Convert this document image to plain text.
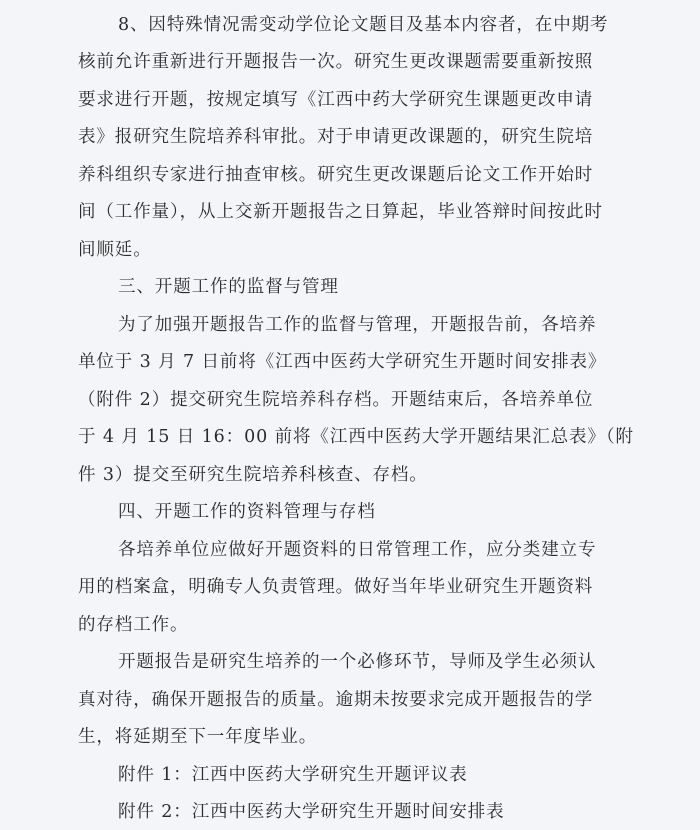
8、因特殊情况需变动学位论文题目及基本内容者，在中期考
核前允许重新进行开题报告一次。研究生更改课题需要重新按照
要求进行开题，按规定填写《江西中药大学研究生课题更改申请
表》报研究生院培养科审批。对于申请更改课题的，研究生院培
养科组织专家进行抽查审核。研究生更改课题后论文工作开始时
间（工作量），从上交新开题报告之日算起，毕业答辩时间按此时
间顺延。
三、开题工作的监督与管理
为了加强开题报告工作的监督与管理，开题报告前，各培养
单位于 3 月 7 日前将《江西中医药大学研究生开题时间安排表》
（附件 2）提交研究生院培养科存档。开题结束后，各培养单位
于 4 月 15 日 16：00 前将《江西中医药大学开题结果汇总表》（附
件 3）提交至研究生院培养科核查、存档。
四、开题工作的资料管理与存档
各培养单位应做好开题资料的日常管理工作，应分类建立专
用的档案盒，明确专人负责管理。做好当年毕业研究生开题资料
的存档工作。
开题报告是研究生培养的一个必修环节，导师及学生必须认
真对待，确保开题报告的质量。逾期未按要求完成开题报告的学
生，将延期至下一年度毕业。
附件 1：江西中医药大学研究生开题评议表
附件 2：江西中医药大学研究生开题时间安排表
